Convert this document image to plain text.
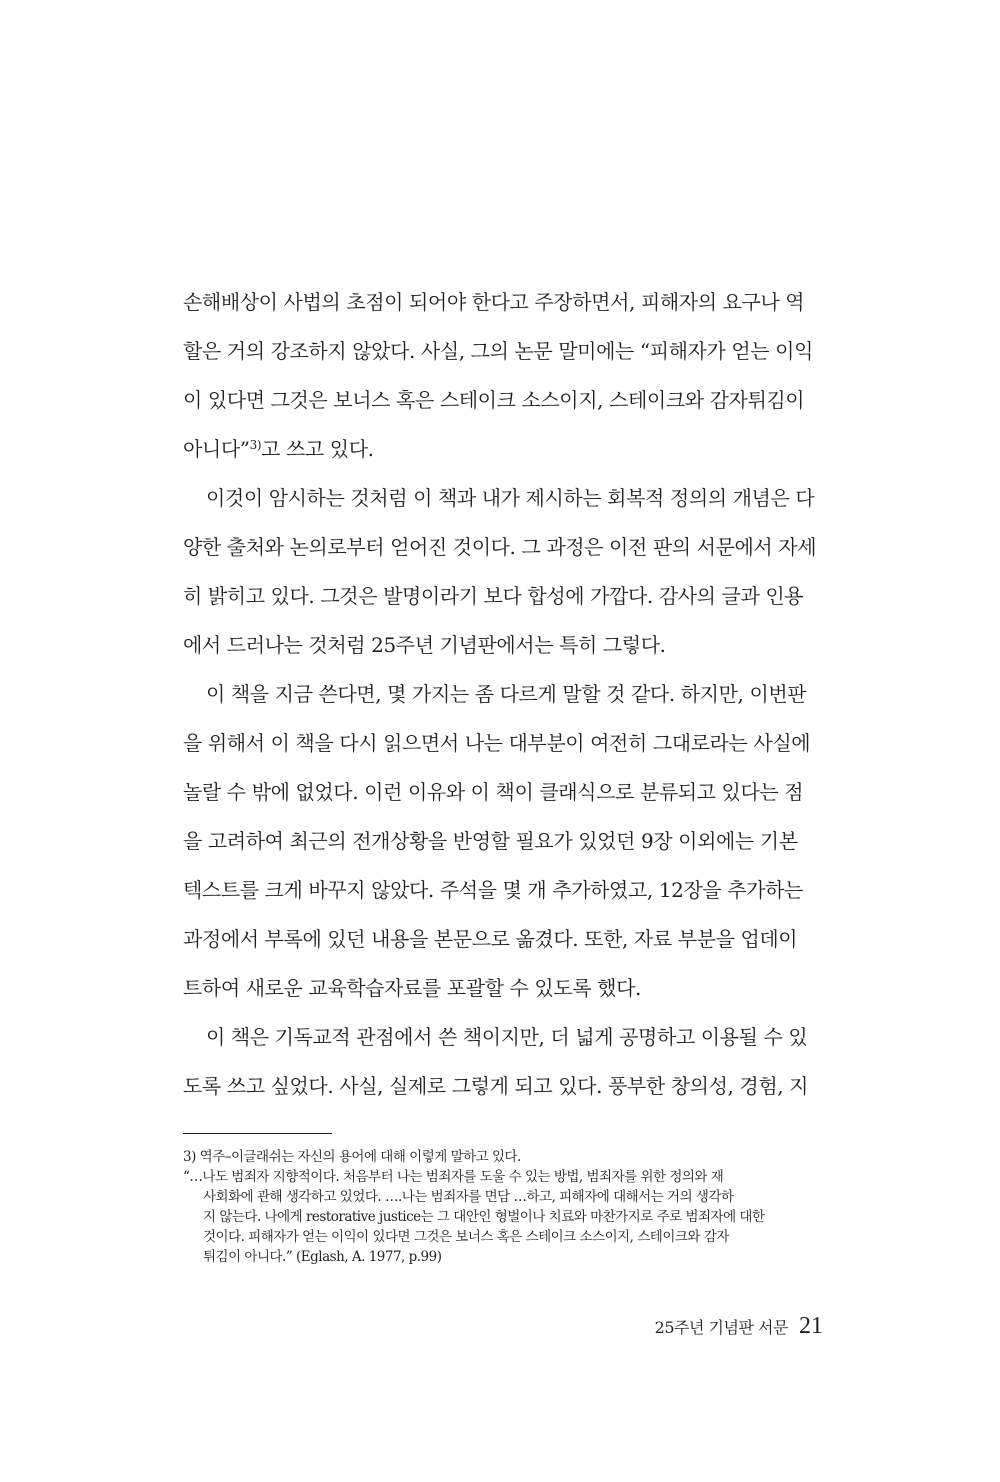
손해배상이 사법의 초점이 되어야 한다고 주장하면서, 피해자의 요구나 역
할은 거의 강조하지 않았다. 사실, 그의 논문 말미에는 “피해자가 얻는 이익
이 있다면 그것은 보너스 혹은 스테이크 소스이지, 스테이크와 감자튀김이
아니다”$^{3)}$고 쓰고 있다.
이것이 암시하는 것처럼 이 책과 내가 제시하는 회복적 정의의 개념은 다
양한 출처와 논의로부터 얻어진 것이다. 그 과정은 이전 판의 서문에서 자세
히 밝히고 있다. 그것은 발명이라기 보다 합성에 가깝다. 감사의 글과 인용
에서 드러나는 것처럼 25주년 기념판에서는 특히 그렇다.
이 책을 지금 쓴다면, 몇 가지는 좀 다르게 말할 것 같다. 하지만, 이번판
을 위해서 이 책을 다시 읽으면서 나는 대부분이 여전히 그대로라는 사실에
놀랄 수 밖에 없었다. 이런 이유와 이 책이 클래식으로 분류되고 있다는 점
을 고려하여 최근의 전개상황을 반영할 필요가 있었던 9장 이외에는 기본
텍스트를 크게 바꾸지 않았다. 주석을 몇 개 추가하였고, 12장을 추가하는
과정에서 부록에 있던 내용을 본문으로 옮겼다. 또한, 자료 부분을 업데이
트하여 새로운 교육학습자료를 포괄할 수 있도록 했다.
이 책은 기독교적 관점에서 쓴 책이지만, 더 넓게 공명하고 이용될 수 있
도록 쓰고 싶었다. 사실, 실제로 그렇게 되고 있다. 풍부한 창의성, 경험, 지
3) 역주–이글래쉬는 자신의 용어에 대해 이렇게 말하고 있다.
“…나도 범죄자 지향적이다. 처음부터 나는 범죄자를 도울 수 있는 방법, 범죄자를 위한 정의와 재
사회화에 관해 생각하고 있었다. ….나는 범죄자를 면담 …하고, 피해자에 대해서는 거의 생각하
지 않는다. 나에게 restorative justice는 그 대안인 형벌이나 치료와 마찬가지로 주로 범죄자에 대한
것이다. 피해자가 얻는 이익이 있다면 그것은 보너스 혹은 스테이크 소스이지, 스테이크와 감자
튀김이 아니다.” (Eglash, A. 1977, p.99)
25주년 기념판 서문 21
